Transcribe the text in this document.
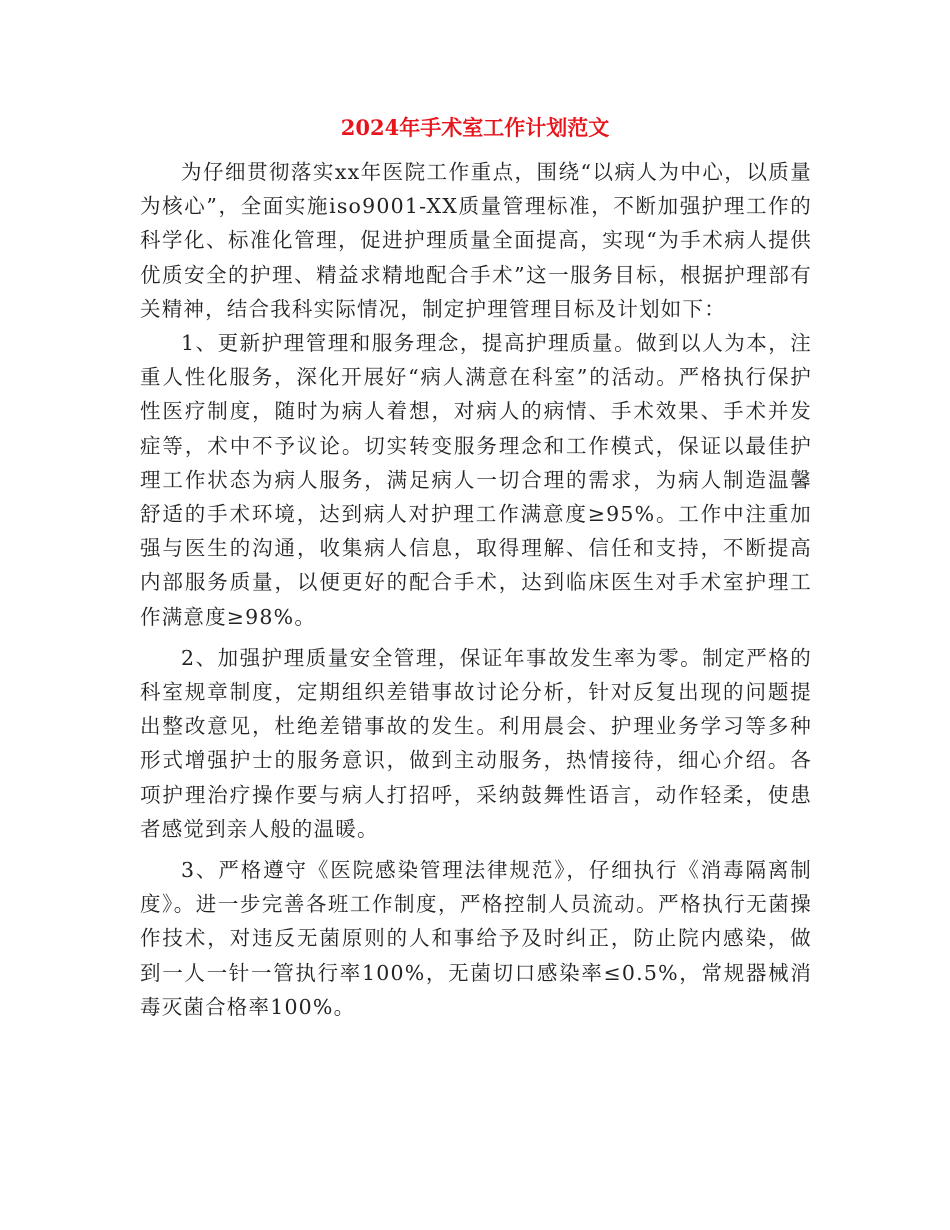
2024年手术室工作计划范文

为仔细贯彻落实xx年医院工作重点，围绕“以病人为中心，以质量为核心”，全面实施iso9001-XX质量管理标准，不断加强护理工作的科学化、标准化管理，促进护理质量全面提高，实现“为手术病人提供优质安全的护理、精益求精地配合手术”这一服务目标，根据护理部有关精神，结合我科实际情况，制定护理管理目标及计划如下：

1、更新护理管理和服务理念，提高护理质量。做到以人为本，注重人性化服务，深化开展好“病人满意在科室”的活动。严格执行保护性医疗制度，随时为病人着想，对病人的病情、手术效果、手术并发症等，术中不予议论。切实转变服务理念和工作模式，保证以最佳护理工作状态为病人服务，满足病人一切合理的需求，为病人制造温馨舒适的手术环境，达到病人对护理工作满意度≥95%。工作中注重加强与医生的沟通，收集病人信息，取得理解、信任和支持，不断提高内部服务质量，以便更好的配合手术，达到临床医生对手术室护理工作满意度≥98%。

2、加强护理质量安全管理，保证年事故发生率为零。制定严格的科室规章制度，定期组织差错事故讨论分析，针对反复出现的问题提出整改意见，杜绝差错事故的发生。利用晨会、护理业务学习等多种形式增强护士的服务意识，做到主动服务，热情接待，细心介绍。各项护理治疗操作要与病人打招呼，采纳鼓舞性语言，动作轻柔，使患者感觉到亲人般的温暖。

3、严格遵守《医院感染管理法律规范》，仔细执行《消毒隔离制度》。进一步完善各班工作制度，严格控制人员流动。严格执行无菌操作技术，对违反无菌原则的人和事给予及时纠正，防止院内感染，做到一人一针一管执行率100%，无菌切口感染率≤0.5%，常规器械消毒灭菌合格率100%。
